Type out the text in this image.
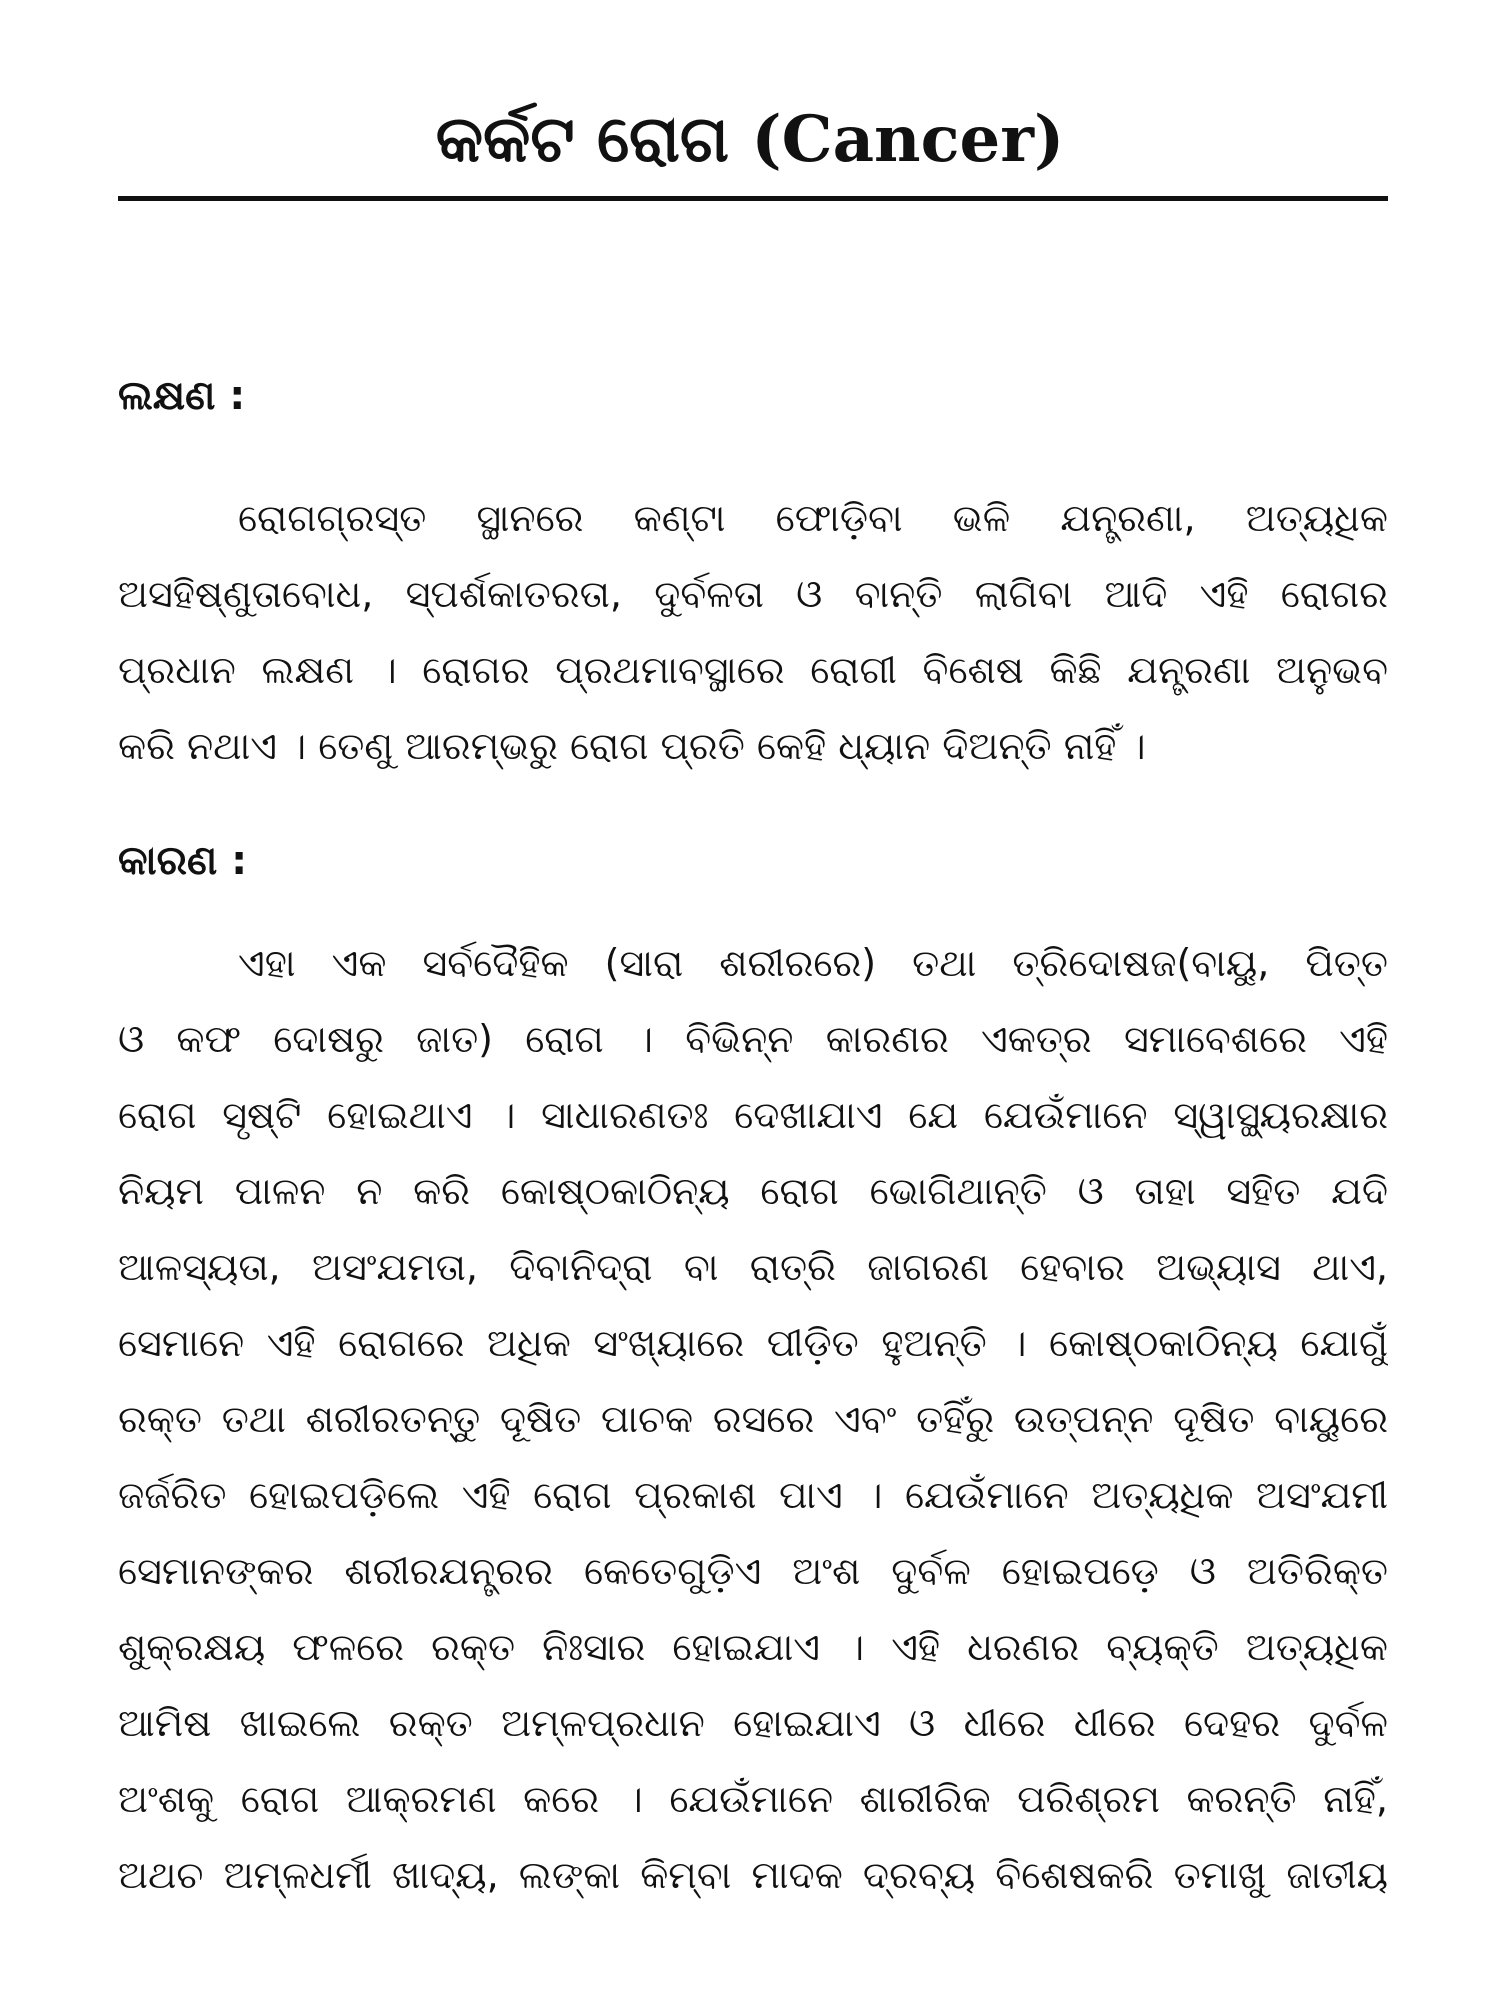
କର୍କଟ ରୋଗ (Cancer)
ଲକ୍ଷଣ :
ରୋଗଗ୍ରସ୍ତ ସ୍ଥାନରେ କଣ୍ଟା ଫୋଡ଼ିବା ଭଳି ଯନ୍ତ୍ରଣା, ଅତ୍ୟଧିକ
ଅସହିଷ୍ଣୁତାବୋଧ, ସ୍ପର୍ଶକାତରତା, ଦୁର୍ବଳତା ଓ ବାନ୍ତି ଲାଗିବା ଆଦି ଏହି ରୋଗର
ପ୍ରଧାନ ଲକ୍ଷଣ । ରୋଗର ପ୍ରଥମାବସ୍ଥାରେ ରୋଗୀ ବିଶେଷ କିଛି ଯନ୍ତ୍ରଣା ଅନୁଭବ
କରି ନଥାଏ । ତେଣୁ ଆରମ୍ଭରୁ ରୋଗ ପ୍ରତି କେହି ଧ୍ୟାନ ଦିଅନ୍ତି ନାହିଁ ।
କାରଣ :
ଏହା ଏକ ସର୍ବଦୈହିକ (ସାରା ଶରୀରରେ) ତଥା ତ୍ରିଦୋଷଜ(ବାୟୁ, ପିତ୍ତ
ଓ କଫ ଦୋଷରୁ ଜାତ) ରୋଗ । ବିଭିନ୍ନ କାରଣର ଏକତ୍ର ସମାବେଶରେ ଏହି
ରୋଗ ସୃଷ୍ଟି ହୋଇଥାଏ । ସାଧାରଣତଃ ଦେଖାଯାଏ ଯେ ଯେଉଁମାନେ ସ୍ୱାସ୍ଥ୍ୟରକ୍ଷାର
ନିୟମ ପାଳନ ନ କରି କୋଷ୍ଠକାଠିନ୍ୟ ରୋଗ ଭୋଗିଥାନ୍ତି ଓ ତାହା ସହିତ ଯଦି
ଆଳସ୍ୟତା, ଅସଂଯମତା, ଦିବାନିଦ୍ରା ବା ରାତ୍ରି ଜାଗରଣ ହେବାର ଅଭ୍ୟାସ ଥାଏ,
ସେମାନେ ଏହି ରୋଗରେ ଅଧିକ ସଂଖ୍ୟାରେ ପୀଡ଼ିତ ହୁଅନ୍ତି । କୋଷ୍ଠକାଠିନ୍ୟ ଯୋଗୁଁ
ରକ୍ତ ତଥା ଶରୀରତନ୍ତୁ ଦୂଷିତ ପାଚକ ରସରେ ଏବଂ ତହିଁରୁ ଉତ୍ପନ୍ନ ଦୂଷିତ ବାୟୁରେ
ଜର୍ଜରିତ ହୋଇପଡ଼ିଲେ ଏହି ରୋଗ ପ୍ରକାଶ ପାଏ । ଯେଉଁମାନେ ଅତ୍ୟଧିକ ଅସଂଯମୀ
ସେମାନଙ୍କର ଶରୀରଯନ୍ତ୍ରର କେତେଗୁଡ଼ିଏ ଅଂଶ ଦୁର୍ବଳ ହୋଇପଡ଼େ ଓ ଅତିରିକ୍ତ
ଶୁକ୍ରକ୍ଷୟ ଫଳରେ ରକ୍ତ ନିଃସାର ହୋଇଯାଏ । ଏହି ଧରଣର ବ୍ୟକ୍ତି ଅତ୍ୟଧିକ
ଆମିଷ ଖାଇଲେ ରକ୍ତ ଅମ୍ଳପ୍ରଧାନ ହୋଇଯାଏ ଓ ଧୀରେ ଧୀରେ ଦେହର ଦୁର୍ବଳ
ଅଂଶକୁ ରୋଗ ଆକ୍ରମଣ କରେ । ଯେଉଁମାନେ ଶାରୀରିକ ପରିଶ୍ରମ କରନ୍ତି ନାହିଁ,
ଅଥଚ ଅମ୍ଳଧର୍ମୀ ଖାଦ୍ୟ, ଲଙ୍କା କିମ୍ବା ମାଦକ ଦ୍ରବ୍ୟ ବିଶେଷକରି ତମାଖୁ ଜାତୀୟ
